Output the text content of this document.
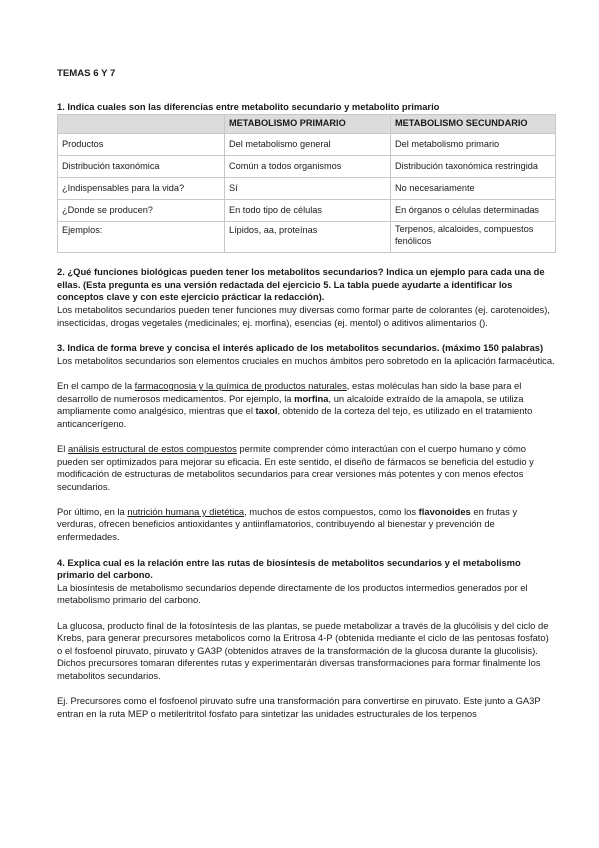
TEMAS 6 Y 7

1. Indica cuales son las diferencias entre metabolito secundario y metabolito primario

	METABOLISMO PRIMARIO	METABOLISMO SECUNDARIO
Productos	Del metabolismo general	Del metabolismo primario
Distribución taxonómica	Común a todos organismos	Distribución taxonómica restringida

¿Indispensables para la vida?	Sí	No necesariamente
¿Donde se producen?	En todo tipo de células	En órganos o células determinadas

Ejemplos:	Lípidos, aa, proteínas	Terpenos, alcaloides, compuestos fenólicos

2. ¿Qué funciones biológicas pueden tener los metabolitos secundarios? Indica un ejemplo para cada una de ellas. (Esta pregunta es una versión redactada del ejercicio 5. La tabla puede ayudarte a identificar los conceptos clave y con este ejercicio prácticar la redacción).

Los metabolitos secundarios pueden tener funciones muy diversas como formar parte de colorantes (ej. carotenoides), insecticidas, drogas vegetales (medicinales; ej. morfina), esencias (ej. mentol) o aditivos alimentarios ().

3. Indica de forma breve y concisa el interés aplicado de los metabolitos secundarios. (máximo 150 palabras)

Los metabolitos secundarios son elementos cruciales en muchos ámbitos pero sobretodo en la aplicación farmacéutica.

En el campo de la farmacognosia y la química de productos naturales, estas moléculas han sido la base para el desarrollo de numerosos medicamentos. Por ejemplo, la morfina, un alcaloide extraído de la amapola, se utiliza ampliamente como analgésico, mientras que el taxol, obtenido de la corteza del tejo, es utilizado en el tratamiento anticancerígeno.

El análisis estructural de estos compuestos permite comprender cómo interactúan con el cuerpo humano y cómo pueden ser optimizados para mejorar su eficacia. En este sentido, el diseño de fármacos se beneficia del estudio y modificación de estructuras de metabolitos secundarios para crear versiones más potentes y con menos efectos secundarios.

Por último, en la nutrición humana y dietética, muchos de estos compuestos, como los flavonoides en frutas y verduras, ofrecen beneficios antioxidantes y antiinflamatorios, contribuyendo al bienestar y prevención de enfermedades.

4. Explica cual es la relación entre las rutas de biosíntesis de metabolitos secundarios y el metabolismo primario del carbono.

La biosíntesis de metabolismo secundarios depende directamente de los productos intermedios generados por el metabolismo primario del carbono.

La glucosa, producto final de la fotosíntesis de las plantas, se puede metabolizar a través de la glucólisis y del ciclo de Krebs, para generar precursores metabolicos como la Eritrosa 4-P (obtenida mediante el ciclo de las pentosas fosfato) o el fosfoenol piruvato, piruvato y GA3P (obtenidos atraves de la transformación de la glucosa durante la glucolisis). Dichos precursores tomaran diferentes rutas y experimentarán diversas transformaciones para formar finalmente los metabolitos secundarios.

Ej. Precursores como el fosfoenol piruvato sufre una transformación para convertirse en piruvato. Este junto a GA3P entran en la ruta MEP o metileritritol fosfato para sintetizar las unidades estructurales de los terpenos
